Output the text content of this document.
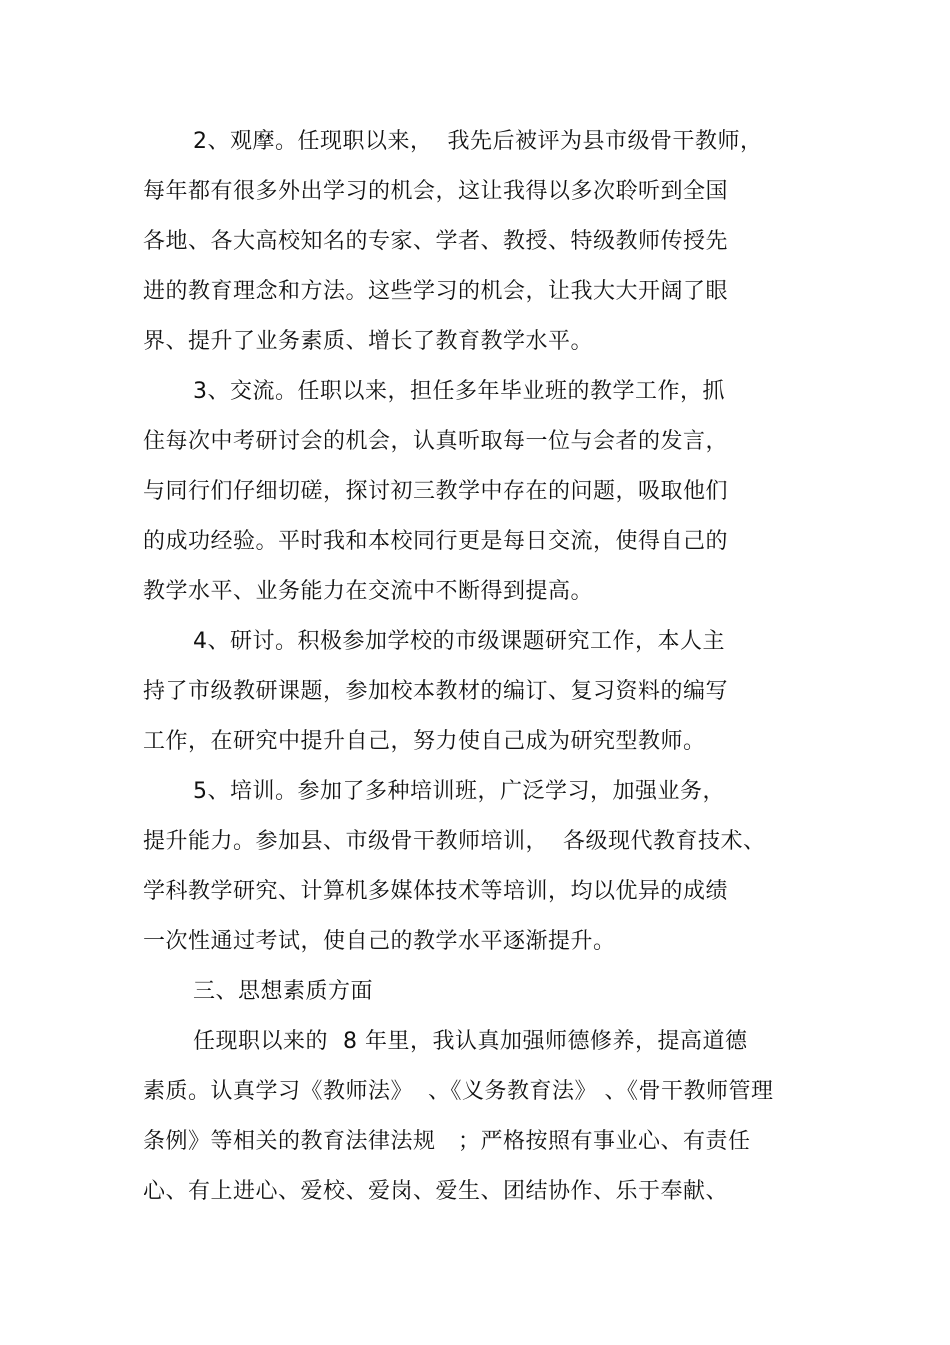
2、观摩。任现职以来，  我先后被评为县市级骨干教师，
每年都有很多外出学习的机会，这让我得以多次聆听到全国
各地、各大高校知名的专家、学者、教授、特级教师传授先
进的教育理念和方法。这些学习的机会，让我大大开阔了眼
界、提升了业务素质、增长了教育教学水平。
3、交流。任职以来，担任多年毕业班的教学工作，抓
住每次中考研讨会的机会，认真听取每一位与会者的发言，
与同行们仔细切磋，探讨初三教学中存在的问题，吸取他们
的成功经验。平时我和本校同行更是每日交流，使得自己的
教学水平、业务能力在交流中不断得到提高。
4、研讨。积极参加学校的市级课题研究工作，本人主
持了市级教研课题，参加校本教材的编订、复习资料的编写
工作，在研究中提升自己，努力使自己成为研究型教师。
5、培训。参加了多种培训班，广泛学习，加强业务，
提升能力。参加县、市级骨干教师培训，  各级现代教育技术、
学科教学研究、计算机多媒体技术等培训，均以优异的成绩
一次性通过考试，使自己的教学水平逐渐提升。
三、思想素质方面
任现职以来的  8 年里，我认真加强师德修养，提高道德
素质。认真学习《教师法》  、《义务教育法》 、《骨干教师管理
条例》等相关的教育法律法规   ；严格按照有事业心、有责任
心、有上进心、爱校、爱岗、爱生、团结协作、乐于奉献、
